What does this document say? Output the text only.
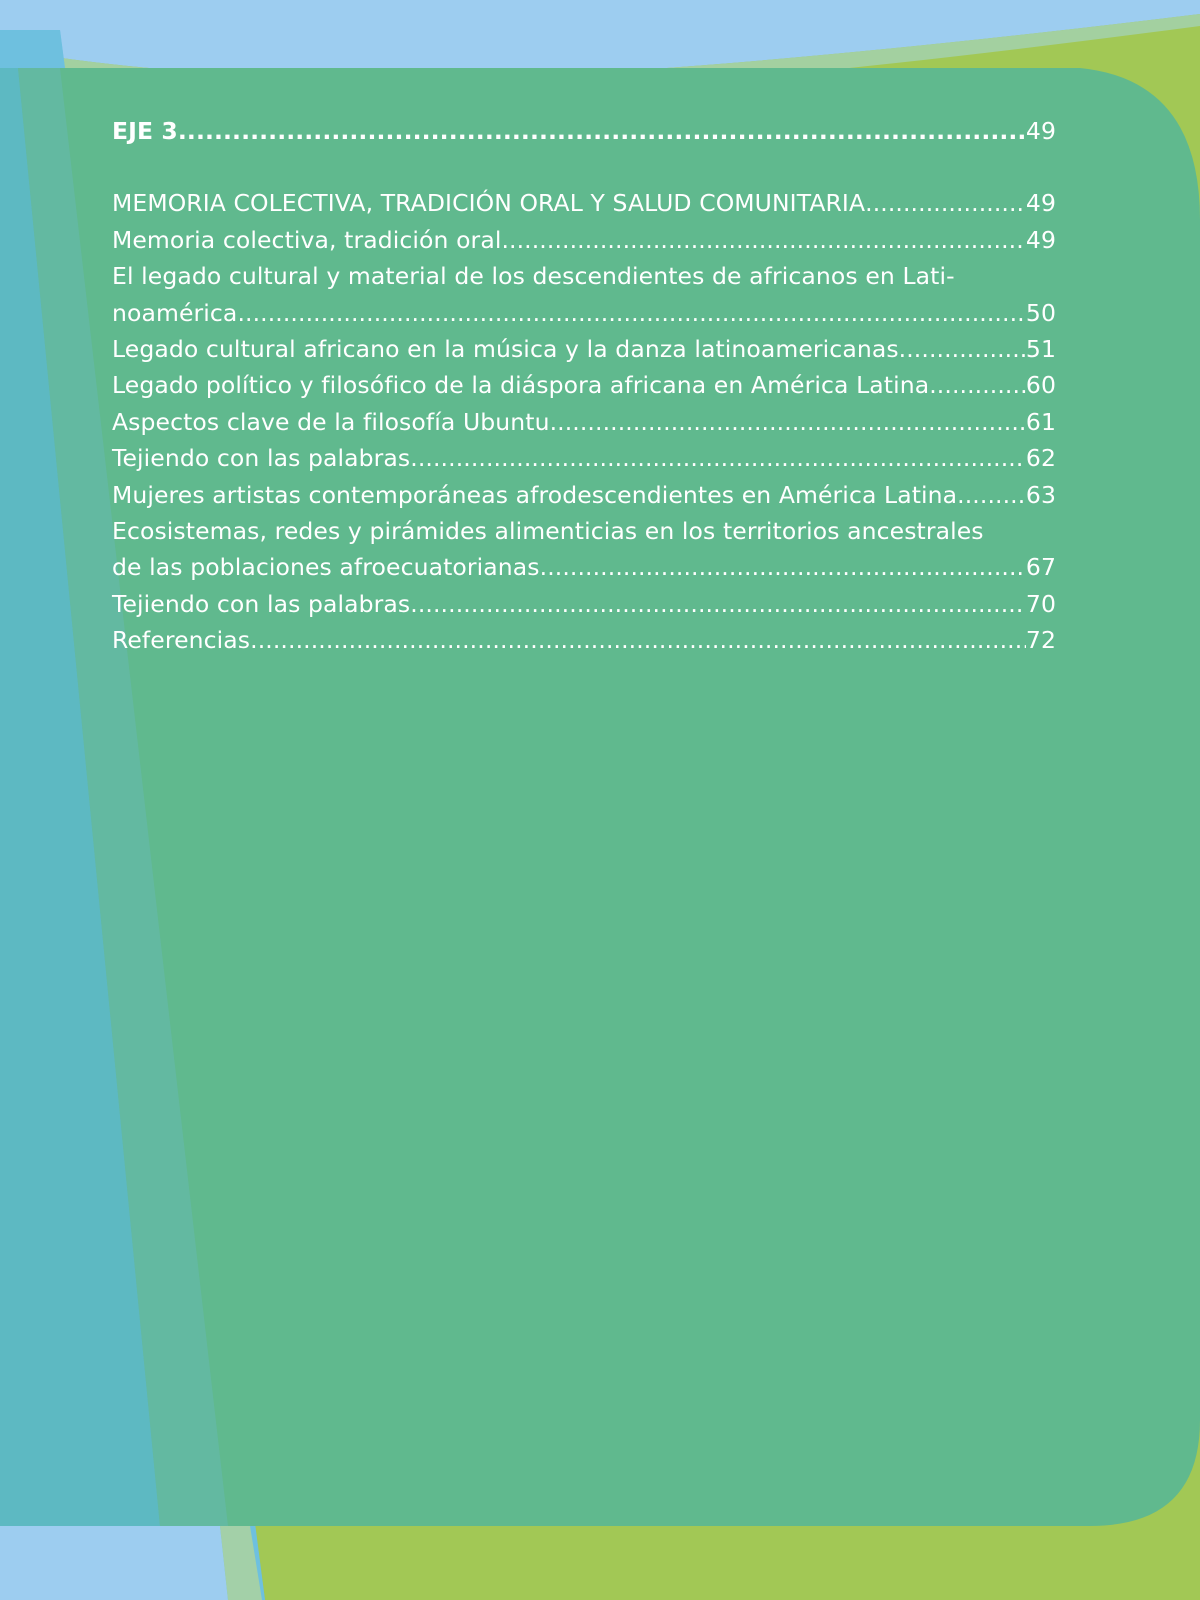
EJE 3 .....	49
MEMORIA COLECTIVA, TRADICIÓN ORAL Y SALUD COMUNITARIA .....	49
Memoria colectiva, tradición oral .....	49
El legado cultural y material de los descendientes de africanos en Lati-
noamérica .....	50
Legado cultural africano en la música y la danza latinoamericanas .....	51
Legado político y filosófico de la diáspora africana en América Latina .....	60
Aspectos clave de la filosofía Ubuntu .....	61
Tejiendo con las palabras .....	62
Mujeres artistas contemporáneas afrodescendientes en América Latina .....	63
Ecosistemas, redes y pirámides alimenticias en los territorios ancestrales
de las poblaciones afroecuatorianas .....	67
Tejiendo con las palabras .....	70
Referencias .....	72
